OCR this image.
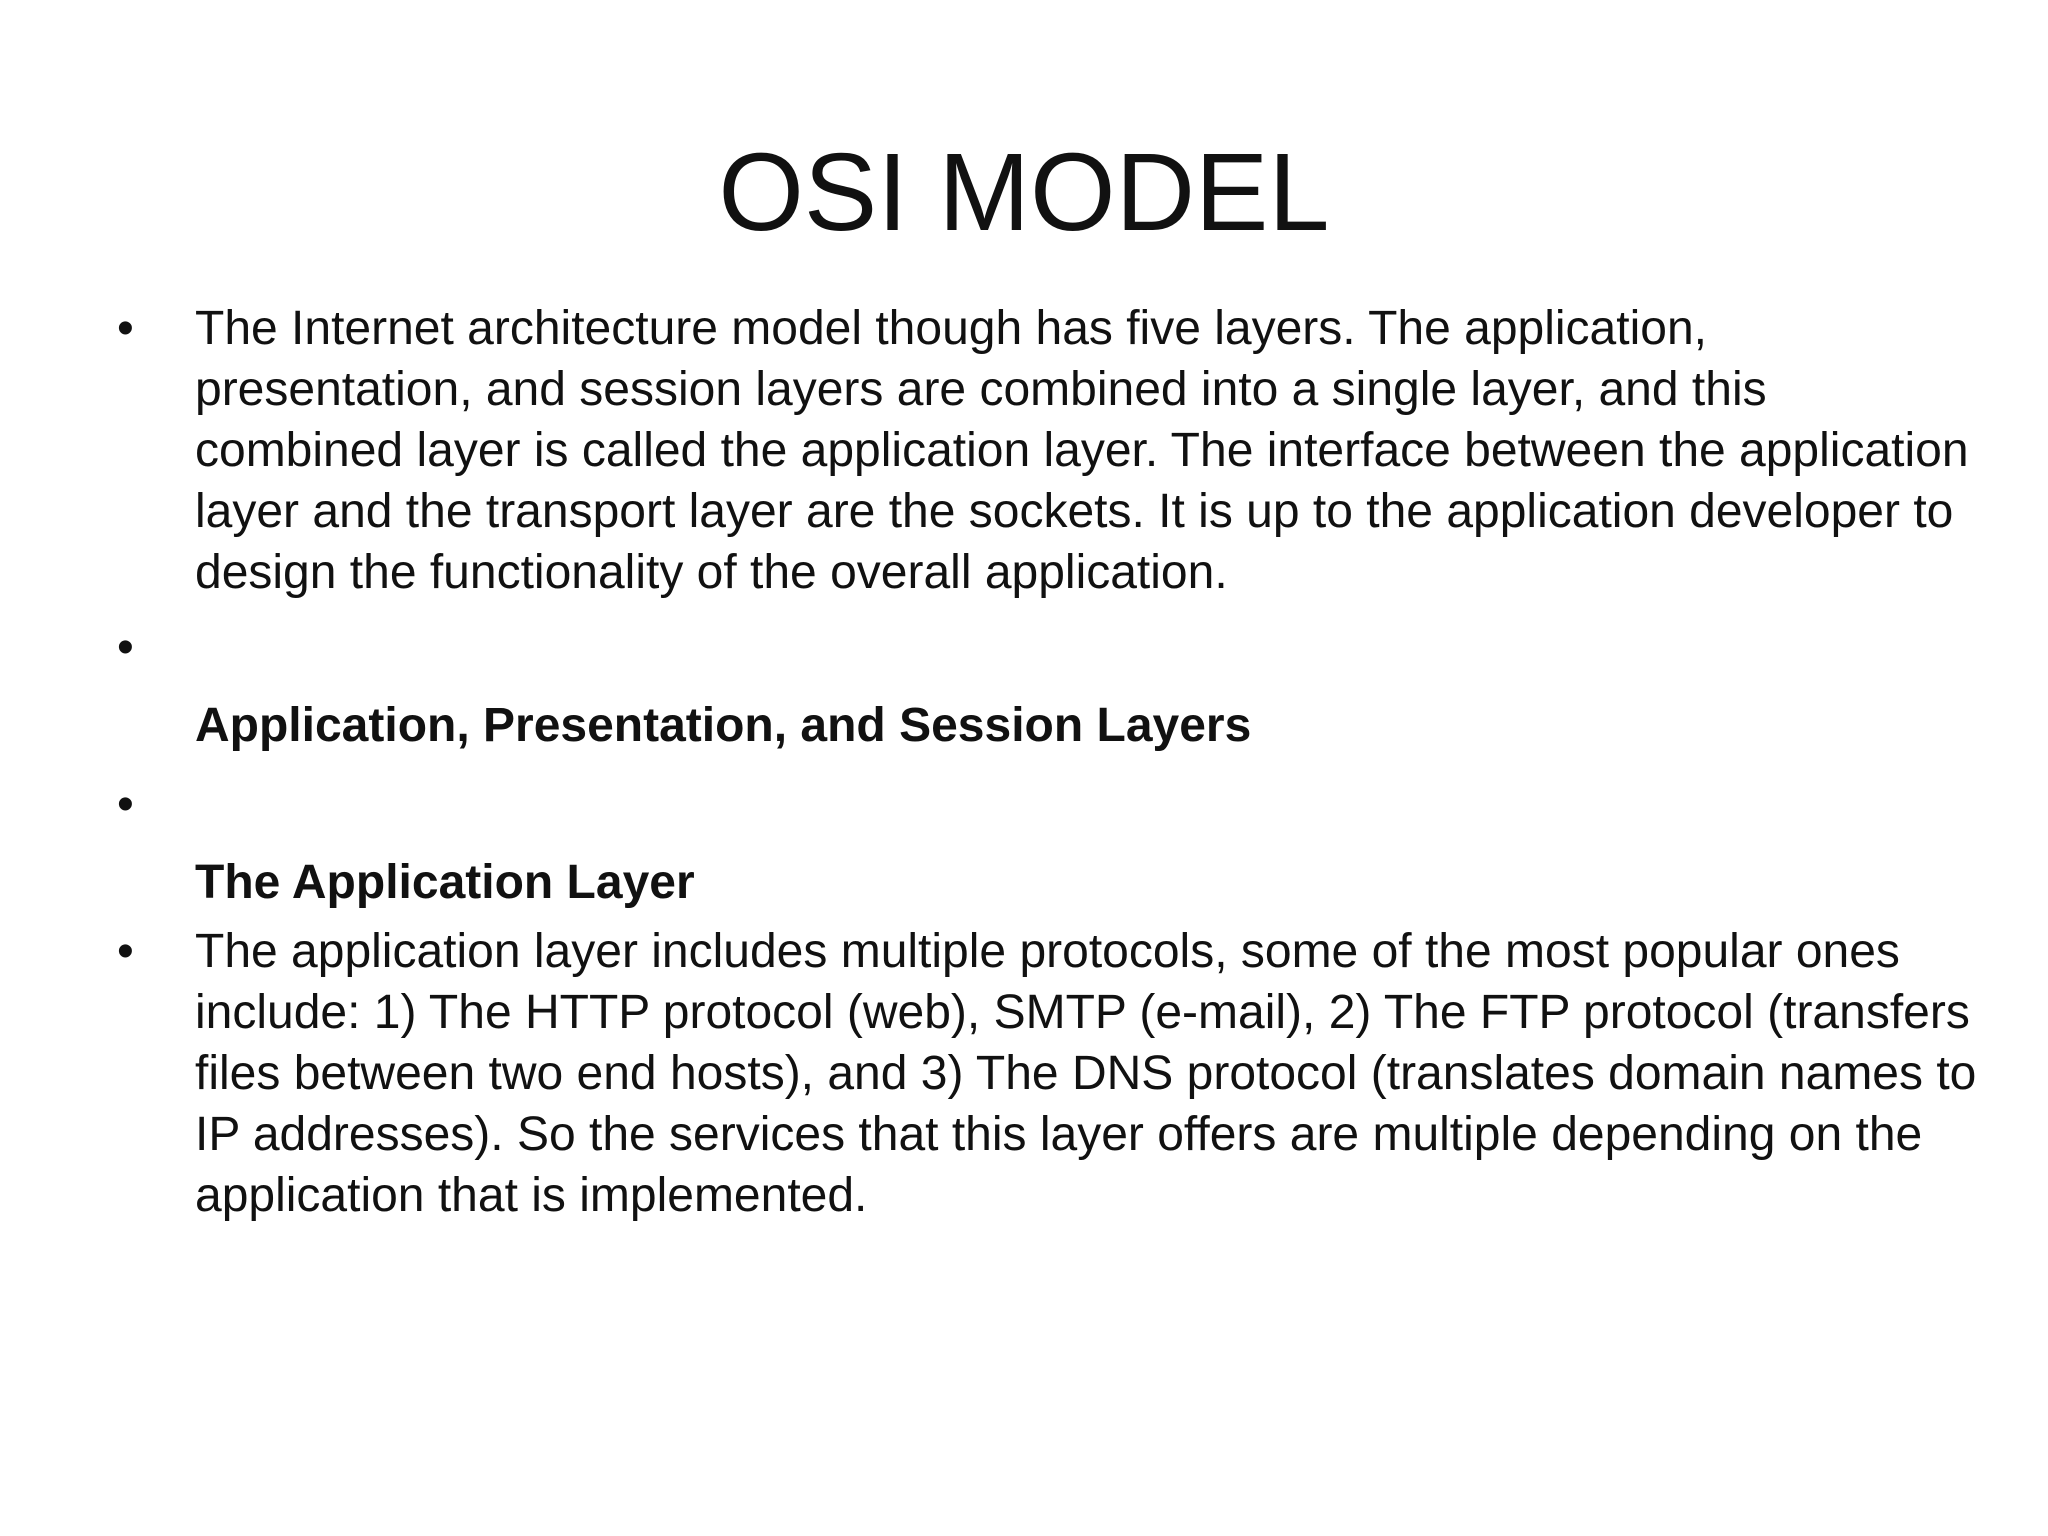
OSI MODEL
• The Internet architecture model though has five layers. The application, presentation, and session layers are combined into a single layer, and this combined layer is called the application layer. The interface between the application layer and the transport layer are the sockets. It is up to the application developer to design the functionality of the overall application.
•
Application, Presentation, and Session Layers
•
The Application Layer
• The application layer includes multiple protocols, some of the most popular ones include: 1) The HTTP protocol (web), SMTP (e-mail), 2) The FTP protocol (transfers files between two end hosts), and 3) The DNS protocol (translates domain names to IP addresses). So the services that this layer offers are multiple depending on the application that is implemented.
